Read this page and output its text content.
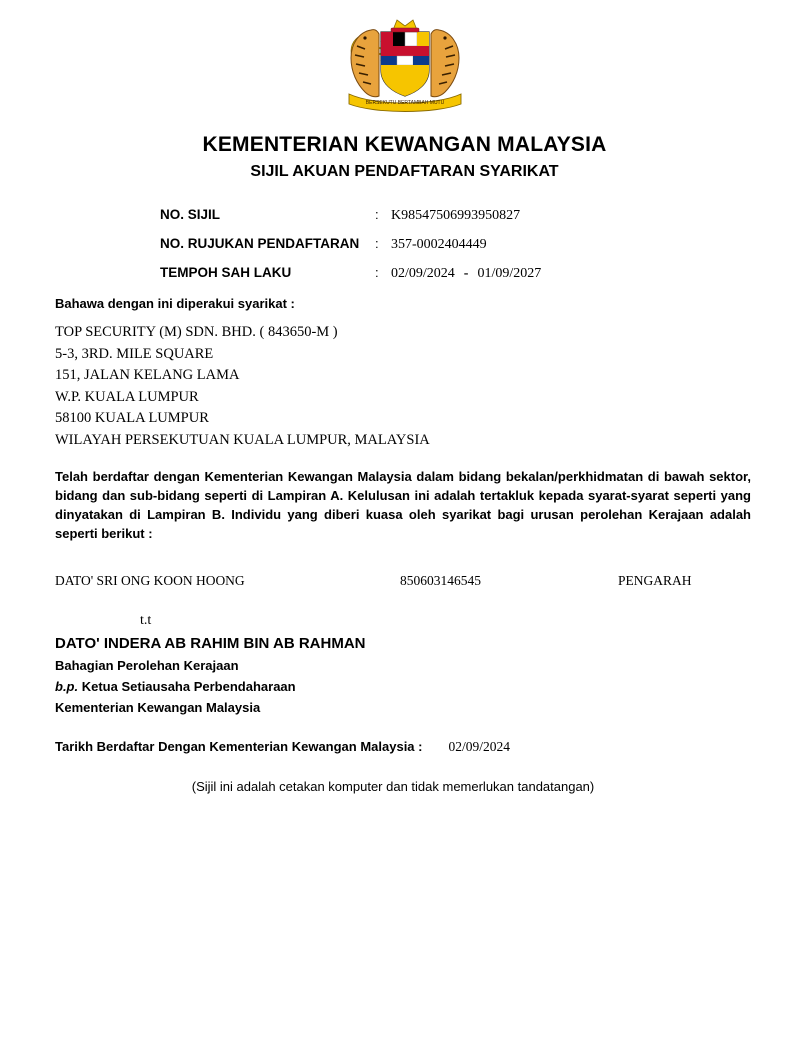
BERSEKUTU BERTAMBAH MUTU
KEMENTERIAN KEWANGAN MALAYSIA
SIJIL AKUAN PENDAFTARAN SYARIKAT
NO. SIJIL	: K98547506993950827
NO. RUJUKAN PENDAFTARAN	: 357-0002404449
TEMPOH SAH LAKU	: 02/09/2024 - 01/09/2027
Bahawa dengan ini diperakui syarikat :
TOP SECURITY (M) SDN. BHD. ( 843650-M )
5-3, 3RD. MILE SQUARE
151, JALAN KELANG LAMA
W.P. KUALA LUMPUR
58100 KUALA LUMPUR
WILAYAH PERSEKUTUAN KUALA LUMPUR, MALAYSIA
Telah berdaftar dengan Kementerian Kewangan Malaysia dalam bidang bekalan/perkhidmatan di bawah sektor, bidang dan sub-bidang seperti di Lampiran A. Kelulusan ini adalah tertakluk kepada syarat-syarat seperti yang dinyatakan di Lampiran B. Individu yang diberi kuasa oleh syarikat bagi urusan perolehan Kerajaan adalah seperti berikut :
DATO' SRI ONG KOON HOONG	850603146545	PENGARAH
t.t
DATO' INDERA AB RAHIM BIN AB RAHMAN
Bahagian Perolehan Kerajaan
b.p. Ketua Setiausaha Perbendaharaan
Kementerian Kewangan Malaysia
Tarikh Berdaftar Dengan Kementerian Kewangan Malaysia : 02/09/2024
(Sijil ini adalah cetakan komputer dan tidak memerlukan tandatangan)
